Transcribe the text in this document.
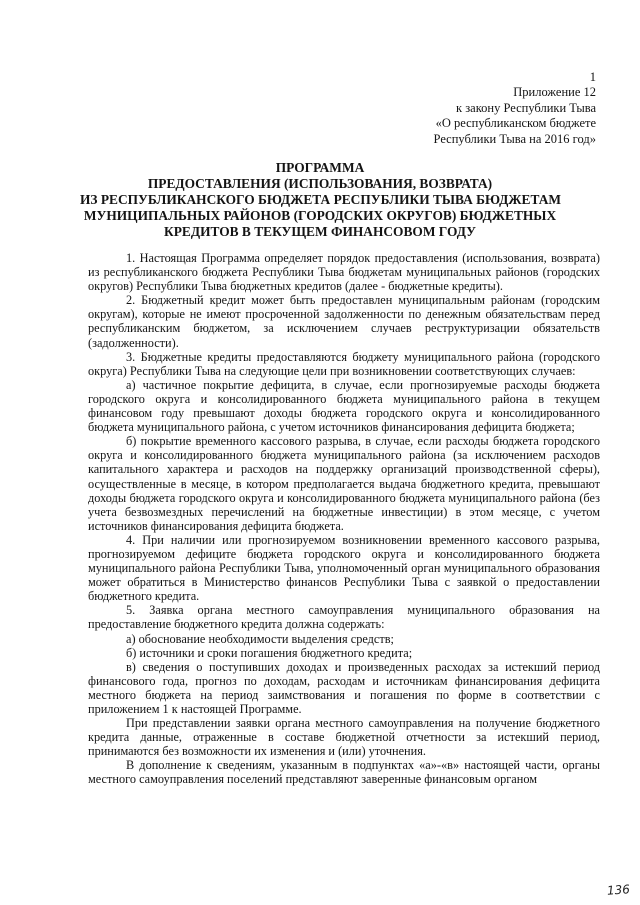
1
Приложение 12
к закону Республики Тыва
«О республиканском бюджете
Республики Тыва на 2016 год»
ПРОГРАММА
ПРЕДОСТАВЛЕНИЯ (ИСПОЛЬЗОВАНИЯ, ВОЗВРАТА)
ИЗ РЕСПУБЛИКАНСКОГО БЮДЖЕТА РЕСПУБЛИКИ ТЫВА БЮДЖЕТАМ
МУНИЦИПАЛЬНЫХ РАЙОНОВ (ГОРОДСКИХ ОКРУГОВ) БЮДЖЕТНЫХ
КРЕДИТОВ В ТЕКУЩЕМ ФИНАНСОВОМ ГОДУ

1. Настоящая Программа определяет порядок предоставления (использования, возврата) из республиканского бюджета Республики Тыва бюджетам муниципальных районов (городских округов) Республики Тыва бюджетных кредитов (далее - бюджетные кредиты).

2. Бюджетный кредит может быть предоставлен муниципальным районам (городским округам), которые не имеют просроченной задолженности по денежным обязательствам перед республиканским бюджетом, за исключением случаев реструктуризации обязательств (задолженности).

3. Бюджетные кредиты предоставляются бюджету муниципального района (городского округа) Республики Тыва на следующие цели при возникновении соответствующих случаев:

а) частичное покрытие дефицита, в случае, если прогнозируемые расходы бюджета городского округа и консолидированного бюджета муниципального района в текущем финансовом году превышают доходы бюджета городского округа и консолидированного бюджета муниципального района, с учетом источников финансирования дефицита бюджета;

б) покрытие временного кассового разрыва, в случае, если расходы бюджета городского округа и консолидированного бюджета муниципального района (за исключением расходов капитального характера и расходов на поддержку организаций производственной сферы), осуществленные в месяце, в котором предполагается выдача бюджетного кредита, превышают доходы бюджета городского округа и консолидированного бюджета муниципального района (без учета безвозмездных перечислений на бюджетные инвестиции) в этом месяце, с учетом источников финансирования дефицита бюджета.

4. При наличии или прогнозируемом возникновении временного кассового разрыва, прогнозируемом дефиците бюджета городского округа и консолидированного бюджета муниципального района Республики Тыва, уполномоченный орган муниципального образования может обратиться в Министерство финансов Республики Тыва с заявкой о предоставлении бюджетного кредита.

5. Заявка органа местного самоуправления муниципального образования на предоставление бюджетного кредита должна содержать:

а) обоснование необходимости выделения средств;

б) источники и сроки погашения бюджетного кредита;

в) сведения о поступивших доходах и произведенных расходах за истекший период финансового года, прогноз по доходам, расходам и источникам финансирования дефицита местного бюджета на период заимствования и погашения по форме в соответствии с приложением 1 к настоящей Программе.

При представлении заявки органа местного самоуправления на получение бюджетного кредита данные, отраженные в составе бюджетной отчетности за истекший период, принимаются без возможности их изменения и (или) уточнения.

В дополнение к сведениям, указанным в подпунктах «а»-«в» настоящей части, органы местного самоуправления поселений представляют заверенные финансовым органом

136
